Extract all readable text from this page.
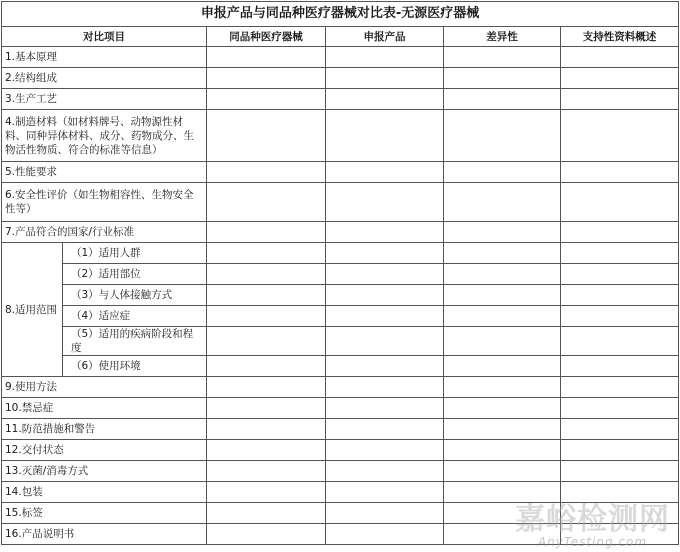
申报产品与同品种医疗器械对比表-无源医疗器械					
对比项目		同品种医疗器械	申报产品	差异性	支持性资料概述
1.基本原理					
2.结构组成					
3.生产工艺					
4.制造材料（如材料牌号、动物源性材料、同种异体材料、成分、药物成分、生物活性物质、符合的标准等信息）					
5.性能要求					
6.安全性评价（如生物相容性、生物安全性等）					
7.产品符合的国家/行业标准					
8.适用范围	（1）适用人群				
	（2）适用部位				
	（3）与人体接触方式				
	（4）适应症				
	（5）适用的疾病阶段和程度				
	（6）使用环境				
9.使用方法					
10.禁忌症					
11.防范措施和警告					
12.交付状态					
13.灭菌/消毒方式					
14.包装					
15.标签					
16.产品说明书						嘉峪检测网
AnyTesting.com
